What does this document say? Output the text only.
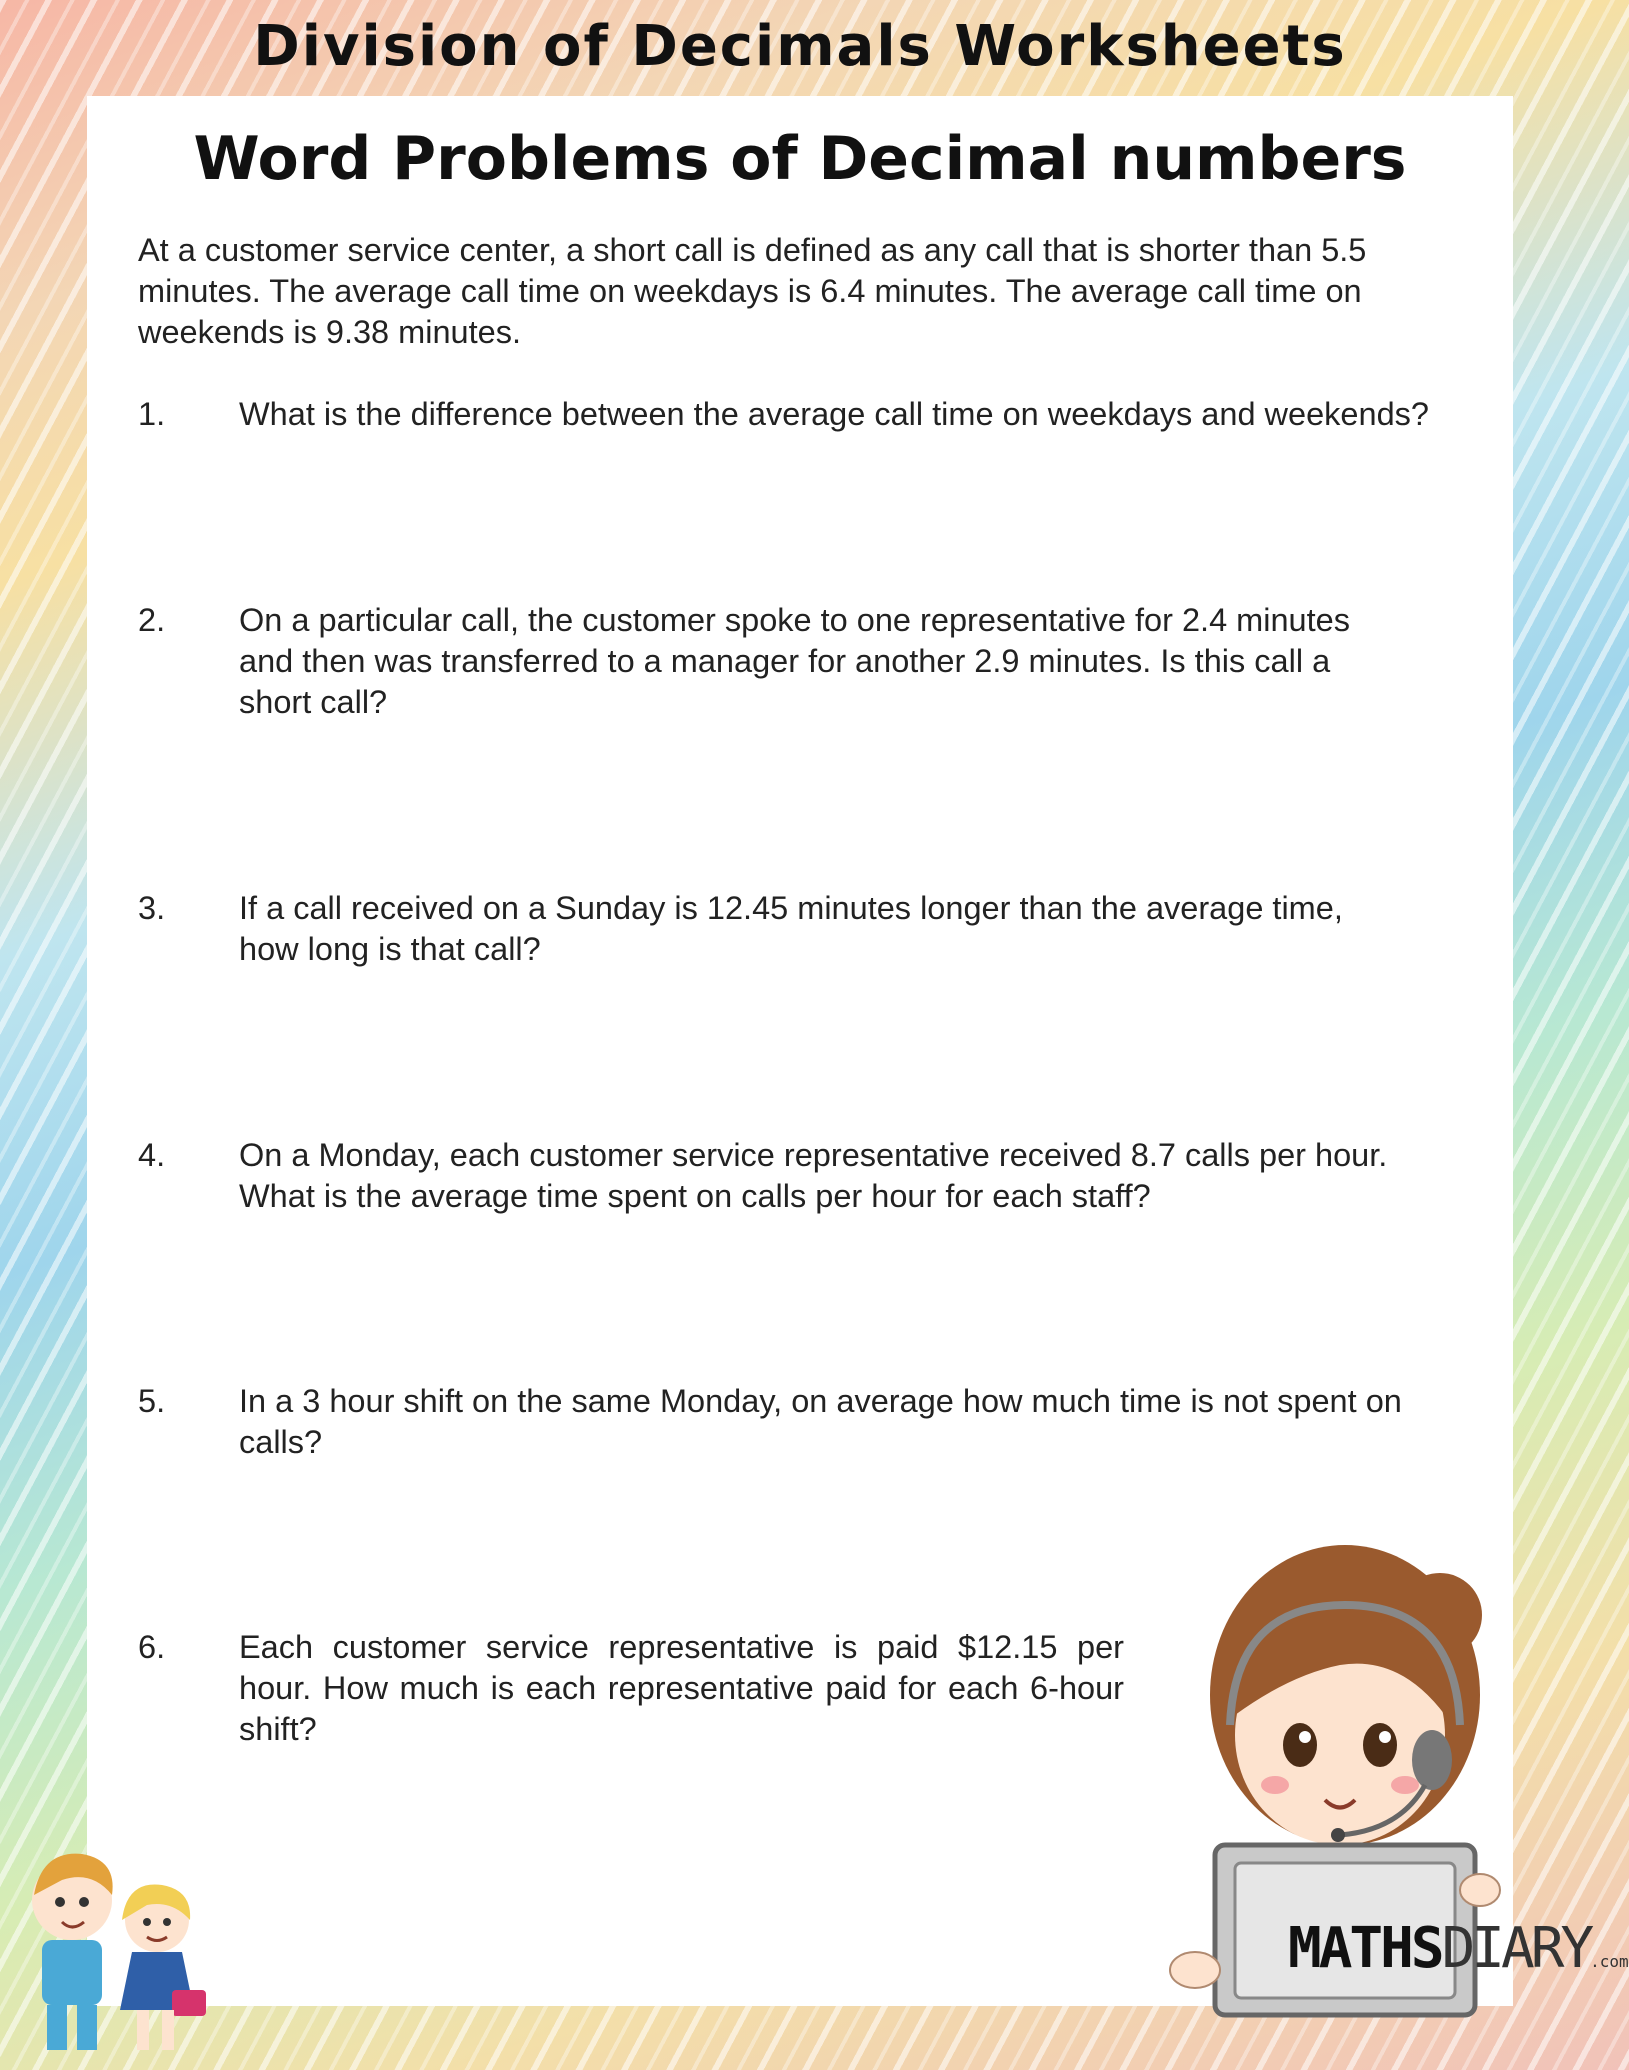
Division of Decimals Worksheets
Word Problems of Decimal numbers
At a customer service center, a short call is defined as any call that is shorter than 5.5 minutes. The average call time on weekdays is 6.4 minutes. The average call time on weekends is 9.38 minutes.
1.	What is the difference between the average call time on weekdays and weekends?
2.	On a particular call, the customer spoke to one representative for 2.4 minutes and then was transferred to a manager for another 2.9 minutes. Is this call a short call?
3.	If a call received on a Sunday is 12.45 minutes longer than the average time, how long is that call?
4.	On a Monday, each customer service representative received 8.7 calls per hour. What is the average time spent on calls per hour for each staff?
5.	In a 3 hour shift on the same Monday, on average how much time is not spent on calls?
6.	Each customer service representative is paid $12.15 per hour. How much is each representative paid for each 6-hour shift?
MATHSDIARY.com
